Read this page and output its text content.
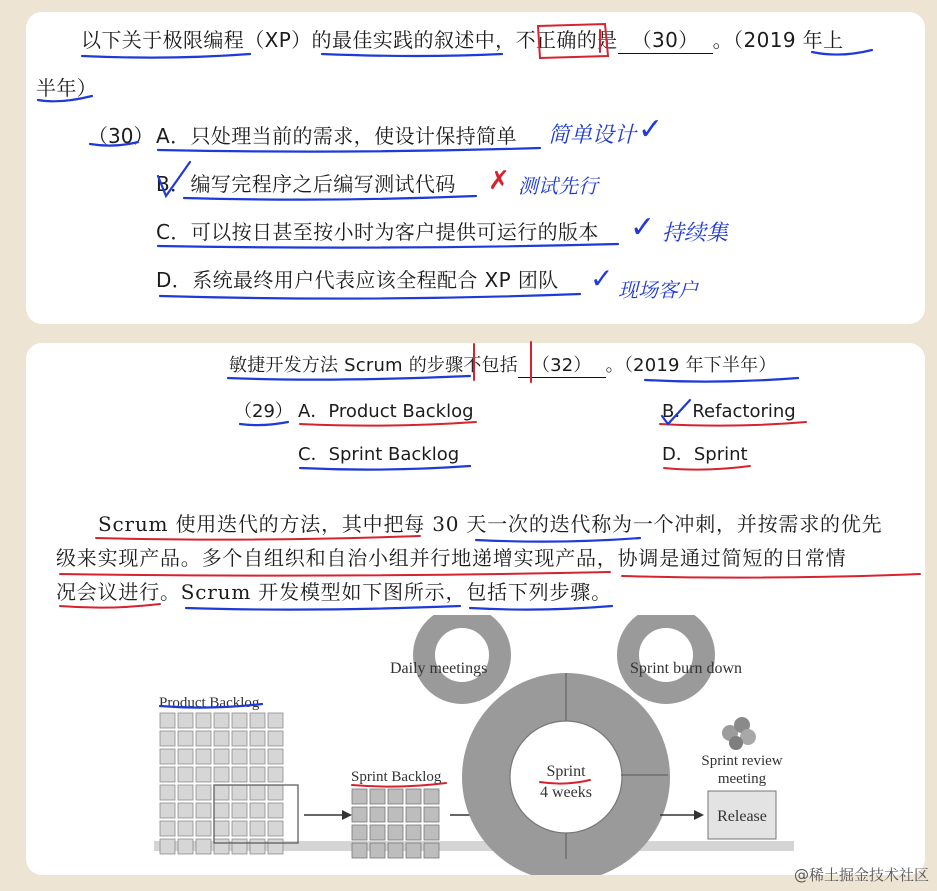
以下关于极限编程（XP）的最佳实践的叙述中，不正确的是 （30） 。（2019 年上
半年）
（30） A．只处理当前的需求，使设计保持简单
B．编写完程序之后编写测试代码
C．可以按日甚至按小时为客户提供可运行的版本
D．系统最终用户代表应该全程配合 XP 团队
简单设计 ✓
✗ 测试先行
✓ 持续集
✓ 现场客户
敏捷开发方法 Scrum 的步骤不包括 （32） 。（2019 年下半年）
（29） A．Product Backlog	B．Refactoring
C．Sprint Backlog	D．Sprint
Scrum 使用迭代的方法，其中把每 30 天一次的迭代称为一个冲刺，并按需求的优先
级来实现产品。多个自组织和自治小组并行地递增实现产品，协调是通过简短的日常情
况会议进行。Scrum 开发模型如下图所示，包括下列步骤。
Product Backlog
Sprint Backlog
Daily meetings	Sprint burn down
Sprint
4 weeks
Sprint review
meeting
Release
@稀土掘金技术社区
